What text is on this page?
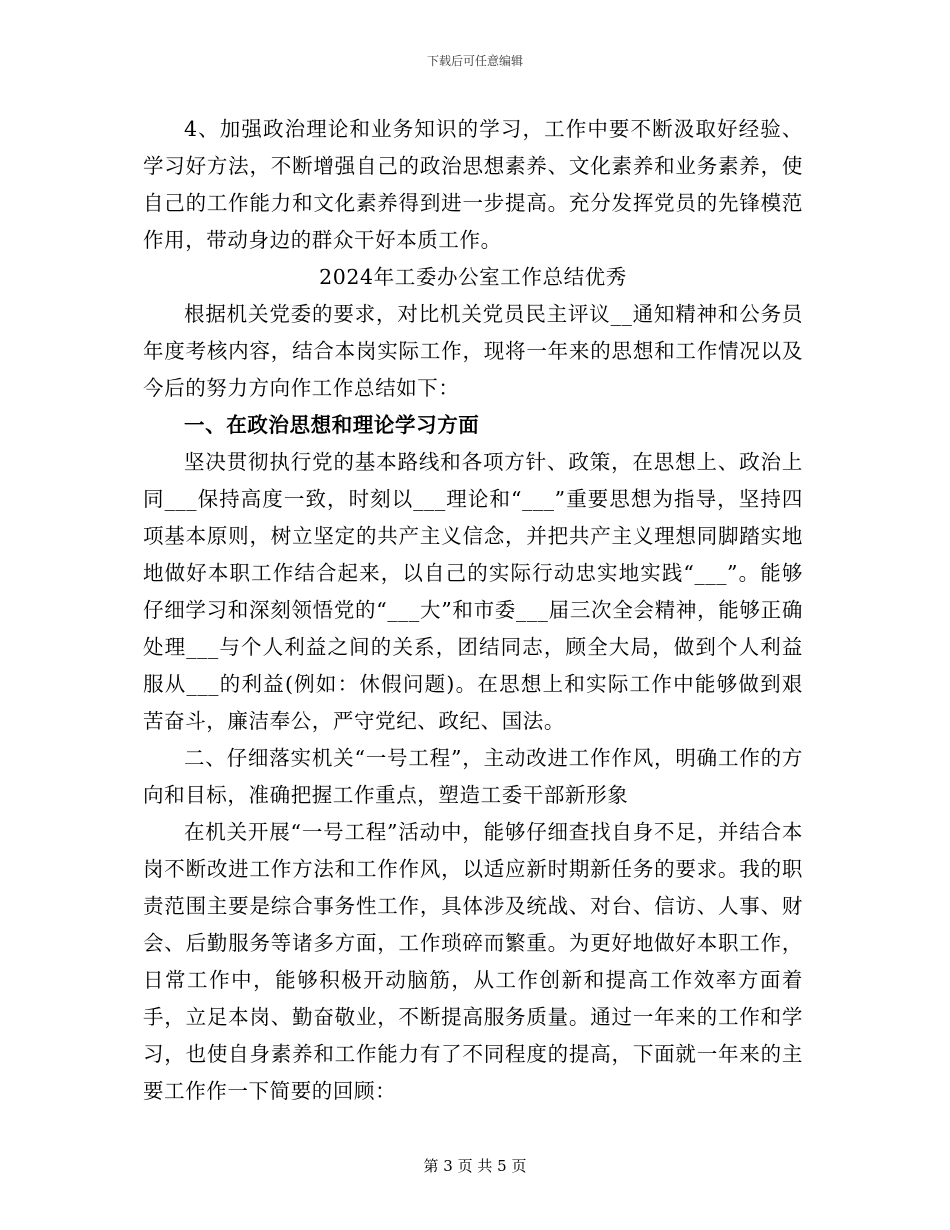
下载后可任意编辑

4、加强政治理论和业务知识的学习，工作中要不断汲取好经验、学习好方法，不断增强自己的政治思想素养、文化素养和业务素养，使自己的工作能力和文化素养得到进一步提高。充分发挥党员的先锋模范作用，带动身边的群众干好本质工作。

2024年工委办公室工作总结优秀

根据机关党委的要求，对比机关党员民主评议__通知精神和公务员年度考核内容，结合本岗实际工作，现将一年来的思想和工作情况以及今后的努力方向作工作总结如下：

一、在政治思想和理论学习方面

坚决贯彻执行党的基本路线和各项方针、政策，在思想上、政治上同___保持高度一致，时刻以___理论和“___”重要思想为指导，坚持四项基本原则，树立坚定的共产主义信念，并把共产主义理想同脚踏实地地做好本职工作结合起来，以自己的实际行动忠实地实践“___”。能够仔细学习和深刻领悟党的“___大”和市委___届三次全会精神，能够正确处理___与个人利益之间的关系，团结同志，顾全大局，做到个人利益服从___的利益(例如：休假问题)。在思想上和实际工作中能够做到艰苦奋斗，廉洁奉公，严守党纪、政纪、国法。

二、仔细落实机关“一号工程”，主动改进工作作风，明确工作的方向和目标，准确把握工作重点，塑造工委干部新形象

在机关开展“一号工程”活动中，能够仔细查找自身不足，并结合本岗不断改进工作方法和工作作风，以适应新时期新任务的要求。我的职责范围主要是综合事务性工作，具体涉及统战、对台、信访、人事、财会、后勤服务等诸多方面，工作琐碎而繁重。为更好地做好本职工作，日常工作中，能够积极开动脑筋，从工作创新和提高工作效率方面着手，立足本岗、勤奋敬业，不断提高服务质量。通过一年来的工作和学习，也使自身素养和工作能力有了不同程度的提高，下面就一年来的主要工作作一下简要的回顾：

第 3 页 共 5 页
